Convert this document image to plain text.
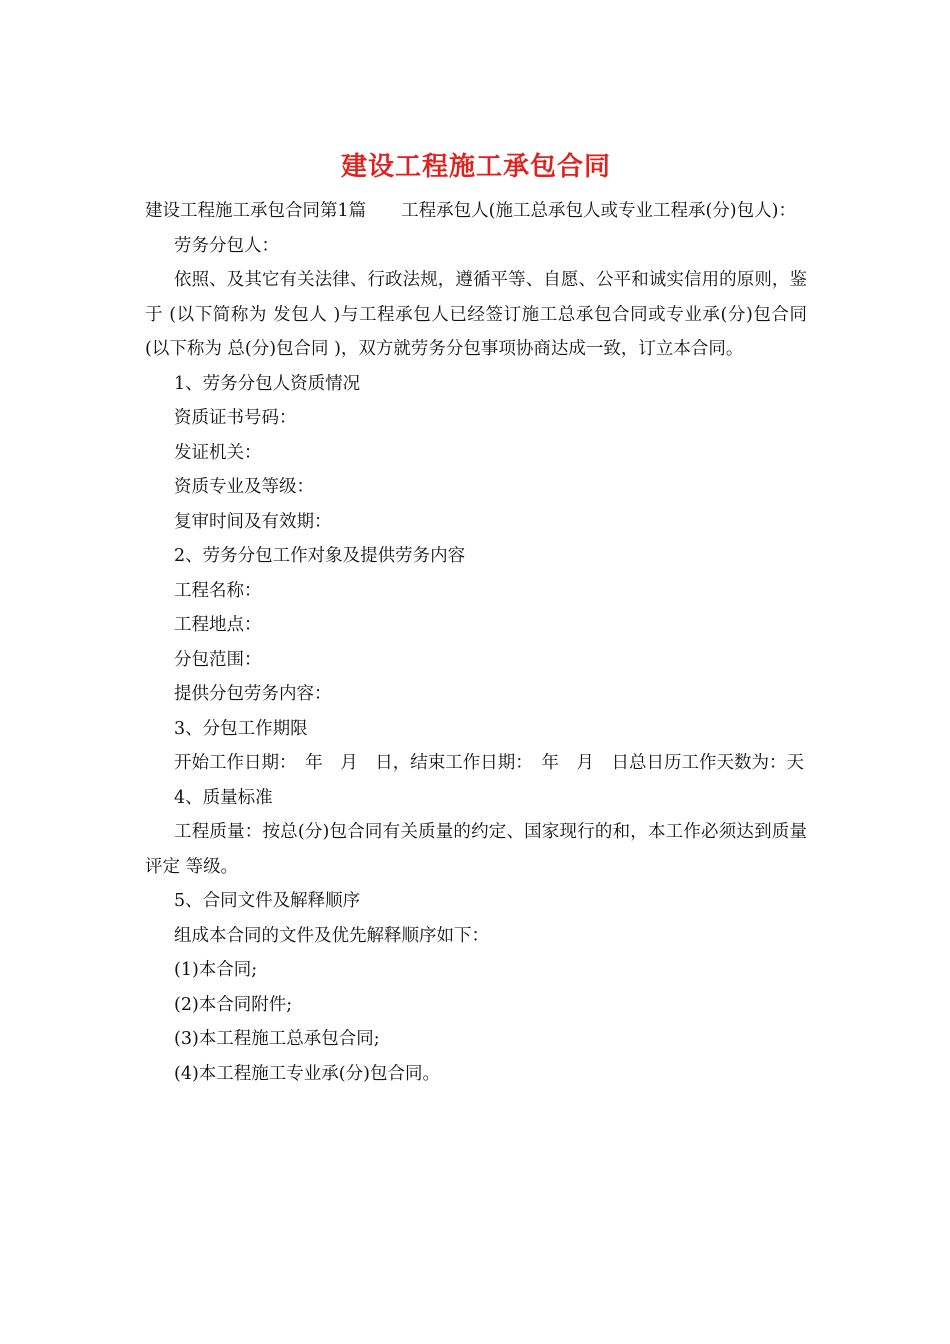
建设工程施工承包合同

建设工程施工承包合同第1篇　　工程承包人(施工总承包人或专业工程承(分)包人)：

劳务分包人：

依照、及其它有关法律、行政法规，遵循平等、自愿、公平和诚实信用的原则，鉴于 (以下简称为 发包人 )与工程承包人已经签订施工总承包合同或专业承(分)包合同(以下称为 总(分)包合同 )，双方就劳务分包事项协商达成一致，订立本合同。

1、劳务分包人资质情况

资质证书号码：

发证机关：

资质专业及等级：

复审时间及有效期：

2、劳务分包工作对象及提供劳务内容

工程名称：

工程地点：

分包范围：

提供分包劳务内容：

3、分包工作期限

开始工作日期：　年　月　日，结束工作日期：　年　月　日总日历工作天数为：天

4、质量标准

工程质量：按总(分)包合同有关质量的约定、国家现行的和，本工作必须达到质量评定 等级。

5、合同文件及解释顺序

组成本合同的文件及优先解释顺序如下：

(1)本合同;

(2)本合同附件;

(3)本工程施工总承包合同;

(4)本工程施工专业承(分)包合同。
